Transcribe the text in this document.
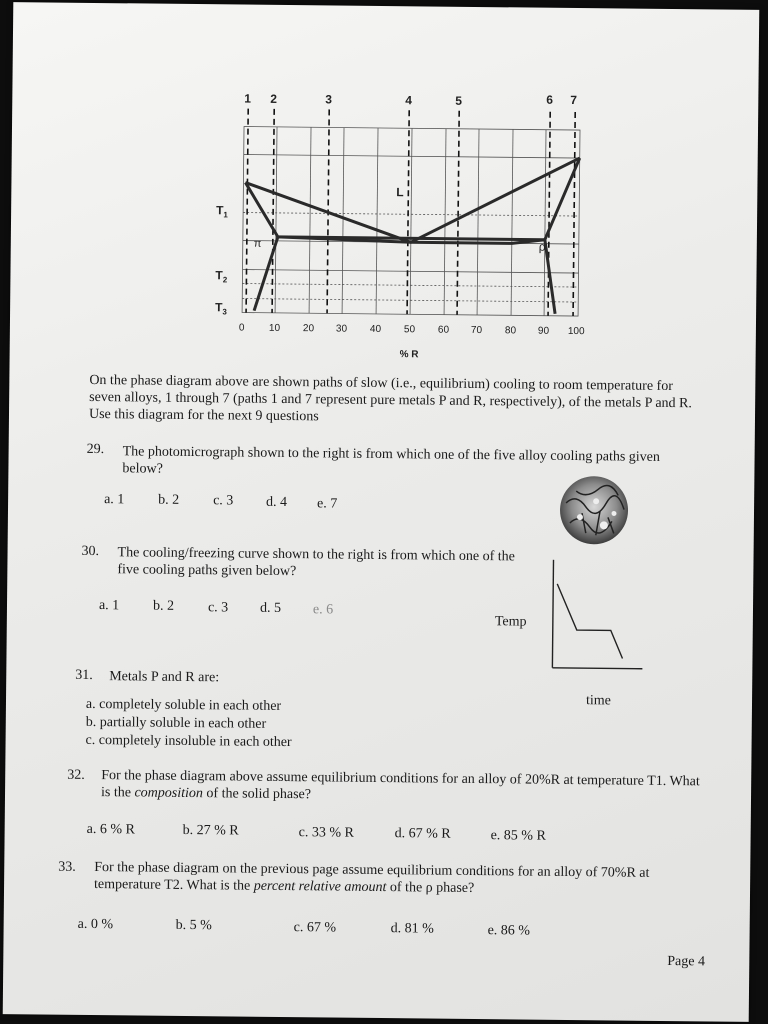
1 2	3	4	5	6 7
L
π	ρ
$T_1$
$T_2$
$T_3$
0 10 20 30 40 50 60 70 80 90 100
% R
On the phase diagram above are shown paths of slow (i.e., equilibrium) cooling to room temperature for seven alloys, 1 through 7 (paths 1 and 7 represent pure metals P and R, respectively), of the metals P and R. Use this diagram for the next 9 questions
29. The photomicrograph shown to the right is from which one of the five alloy cooling paths given below?
a. 1 b. 2 c. 3 d. 4 e. 7
30. The cooling/freezing curve shown to the right is from which one of the five cooling paths given below?
a. 1 b. 2 c. 3 d. 5 e. 6
Temp
time
31. Metals P and R are:
a. completely soluble in each other
b. partially soluble in each other
c. completely insoluble in each other
32. For the phase diagram above assume equilibrium conditions for an alloy of 20%R at temperature T1. What is the composition of the solid phase?
a. 6 % R	b. 27 % R	c. 33 % R	d. 67 % R	e. 85 % R
33. For the phase diagram on the previous page assume equilibrium conditions for an alloy of 70%R at temperature T2. What is the percent relative amount of the ρ phase?
a. 0 %	b. 5 %	c. 67 %	d. 81 %	e. 86 %
Page 4
